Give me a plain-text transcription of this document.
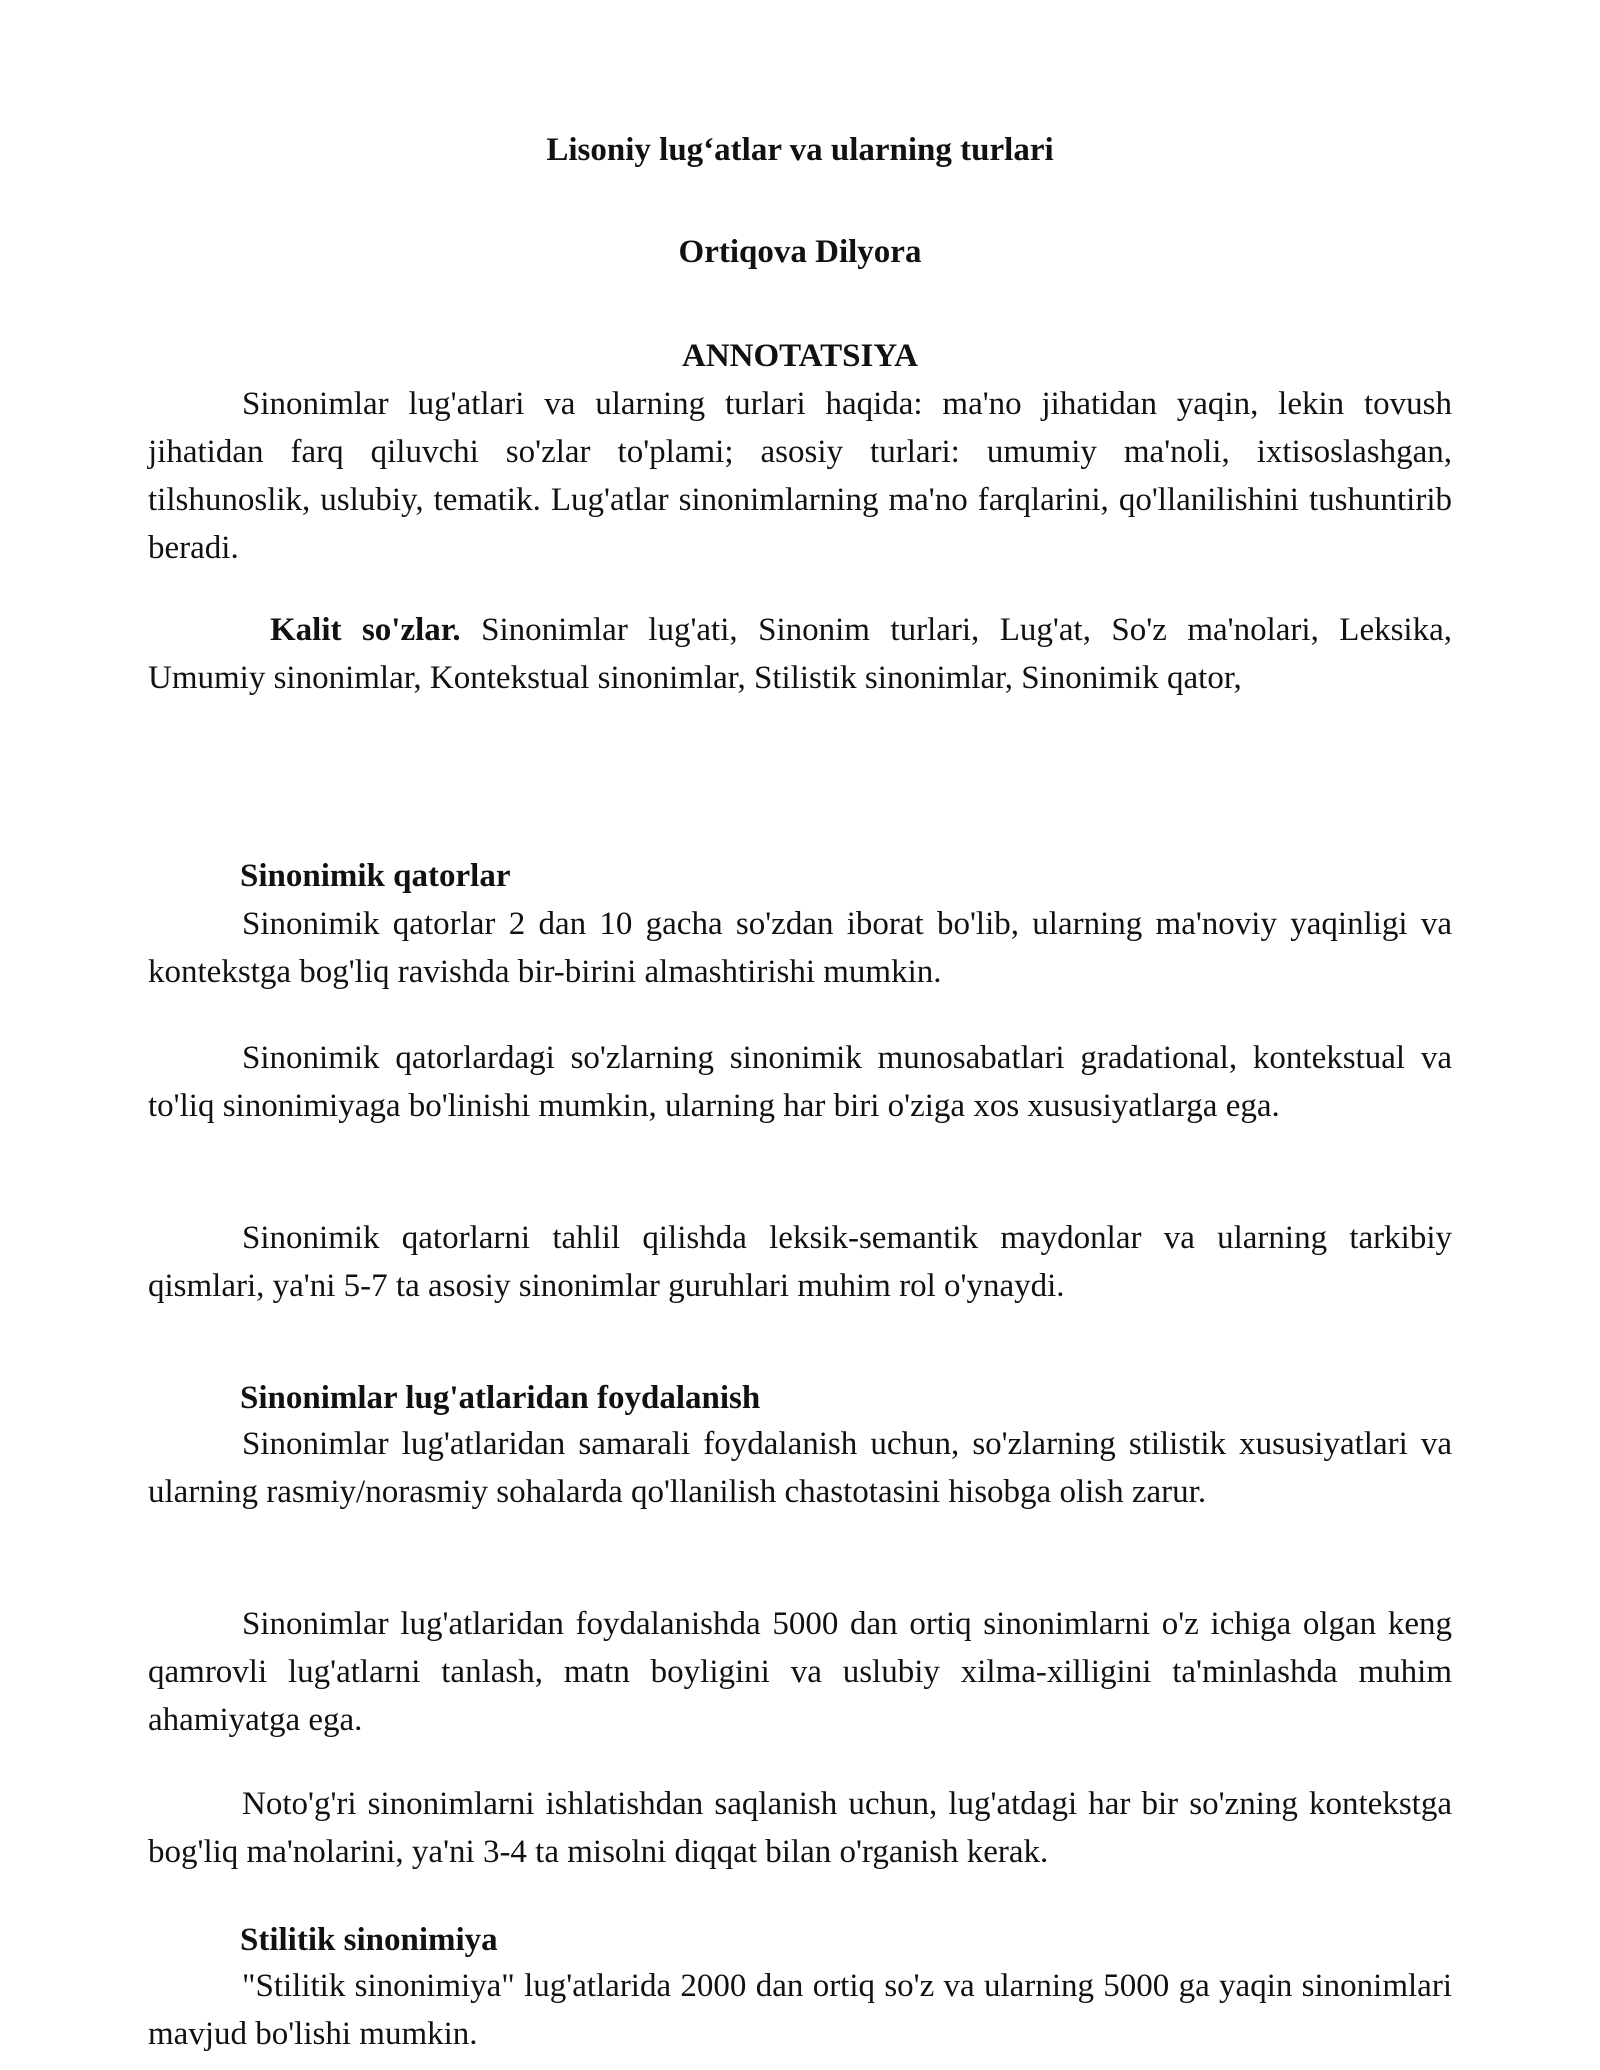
Lisoniy lug‘atlar va ularning turlari
Ortiqova Dilyora
ANNOTATSIYA

Sinonimlar lug'atlari va ularning turlari haqida: ma'no jihatidan yaqin, lekin tovush jihatidan farq qiluvchi so'zlar to'plami; asosiy turlari: umumiy ma'noli, ixtisoslashgan, tilshunoslik, uslubiy, tematik. Lug'atlar sinonimlarning ma'no farqlarini, qo'llanilishini tushuntirib beradi.

Kalit so'zlar. Sinonimlar lug'ati, Sinonim turlari, Lug'at, So'z ma'nolari, Leksika, Umumiy sinonimlar, Kontekstual sinonimlar, Stilistik sinonimlar, Sinonimik qator,

Sinonimik qatorlar

Sinonimik qatorlar 2 dan 10 gacha so'zdan iborat bo'lib, ularning ma'noviy yaqinligi va kontekstga bog'liq ravishda bir-birini almashtirishi mumkin.

Sinonimik qatorlardagi so'zlarning sinonimik munosabatlari gradational, kontekstual va to'liq sinonimiyaga bo'linishi mumkin, ularning har biri o'ziga xos xususiyatlarga ega.

Sinonimik qatorlarni tahlil qilishda leksik-semantik maydonlar va ularning tarkibiy qismlari, ya'ni 5-7 ta asosiy sinonimlar guruhlari muhim rol o'ynaydi.

Sinonimlar lug'atlaridan foydalanish

Sinonimlar lug'atlaridan samarali foydalanish uchun, so'zlarning stilistik xususiyatlari va ularning rasmiy/norasmiy sohalarda qo'llanilish chastotasini hisobga olish zarur.

Sinonimlar lug'atlaridan foydalanishda 5000 dan ortiq sinonimlarni o'z ichiga olgan keng qamrovli lug'atlarni tanlash, matn boyligini va uslubiy xilma-xilligini ta'minlashda muhim ahamiyatga ega.

Noto'g'ri sinonimlarni ishlatishdan saqlanish uchun, lug'atdagi har bir so'zning kontekstga bog'liq ma'nolarini, ya'ni 3-4 ta misolni diqqat bilan o'rganish kerak.

Stilitik sinonimiya

"Stilitik sinonimiya" lug'atlarida 2000 dan ortiq so'z va ularning 5000 ga yaqin sinonimlari mavjud bo'lishi mumkin.
